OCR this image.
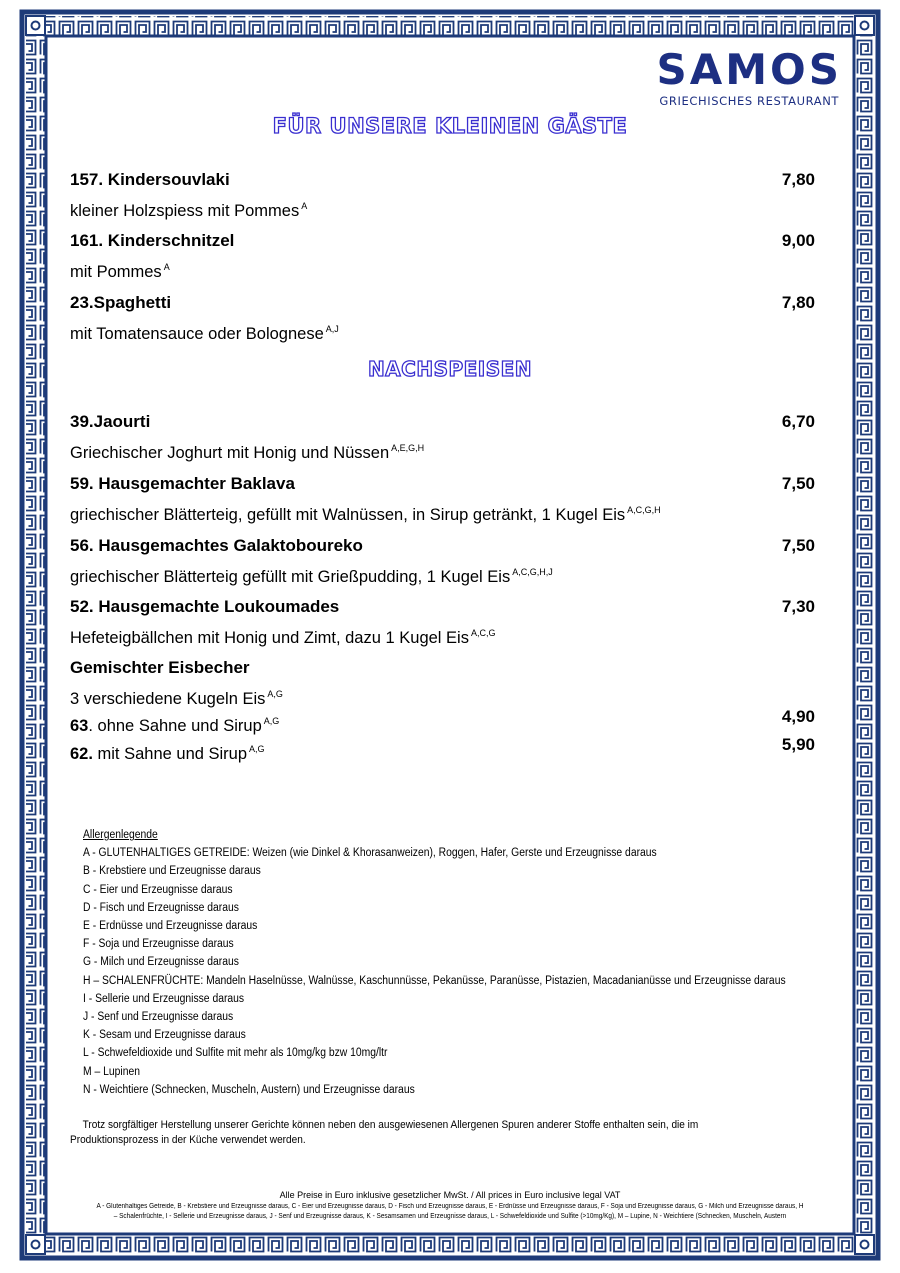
SAMOS
GRIECHISCHES RESTAURANT
FÜR UNSERE KLEINEN GÄSTE
157. Kindersouvlaki
kleiner Holzspiess mit Pommes $^A$
7,80
161. Kinderschnitzel
mit Pommes $^A$
9,00
23.Spaghetti
mit Tomatensauce oder Bolognese $^{A,J}$
7,80
NACHSPEISEN
39.Jaourti
Griechischer Joghurt mit Honig und Nüssen $^{A,E,G,H}$
6,70
59. Hausgemachter Baklava
griechischer Blätterteig, gefüllt mit Walnüssen, in Sirup getränkt, 1 Kugel Eis $^{A,C,G,H}$
7,50
56. Hausgemachtes Galaktoboureko
griechischer Blätterteig gefüllt mit Grießpudding, 1 Kugel Eis $^{A,C,G,H,J}$
7,50
52. Hausgemachte Loukoumades
Hefeteigbällchen mit Honig und Zimt, dazu 1 Kugel Eis $^{A,C,G}$
7,30
Gemischter Eisbecher
3 verschiedene Kugeln Eis $^{A,G}$
63. ohne Sahne und Sirup $^{A,G}$	4,90
62. mit Sahne und Sirup $^{A,G}$	5,90
Allergenlegende
A - GLUTENHALTIGES GETREIDE: Weizen (wie Dinkel & Khorasanweizen), Roggen, Hafer, Gerste und Erzeugnisse daraus
B - Krebstiere und Erzeugnisse daraus
C - Eier und Erzeugnisse daraus
D - Fisch und Erzeugnisse daraus
E - Erdnüsse und Erzeugnisse daraus
F - Soja und Erzeugnisse daraus
G - Milch und Erzeugnisse daraus
H – SCHALENFRÜCHTE: Mandeln Haselnüsse, Walnüsse, Kaschunnüsse, Pekanüsse, Paranüsse, Pistazien, Macadanianüsse und Erzeugnisse daraus
I - Sellerie und Erzeugnisse daraus
J - Senf und Erzeugnisse daraus
K - Sesam und Erzeugnisse daraus
L - Schwefeldioxide und Sulfite mit mehr als 10mg/kg bzw 10mg/ltr
M – Lupinen
N - Weichtiere (Schnecken, Muscheln, Austern) und Erzeugnisse daraus
Trotz sorgfältiger Herstellung unserer Gerichte können neben den ausgewiesenen Allergenen Spuren anderer Stoffe enthalten sein, die im
Produktionsprozess in der Küche verwendet werden.
Alle Preise in Euro inklusive gesetzlicher MwSt. / All prices in Euro inclusive legal VAT
A - Glutenhaltiges Getreide, B - Krebstiere und Erzeugnisse daraus, C - Eier und Erzeugnisse daraus, D - Fisch und Erzeugnisse daraus, E - Erdnüsse und Erzeugnisse daraus, F - Soja und Erzeugnisse daraus, G - Milch und Erzeugnisse daraus, H – Schalenfrüchte, I - Sellerie und Erzeugnisse daraus, J - Senf und Erzeugnisse daraus, K - Sesamsamen und Erzeugnisse daraus, L - Schwefeldioxide und Sulfite (>10mg/Kg), M – Lupine, N - Weichtiere (Schnecken, Muscheln, Austern
